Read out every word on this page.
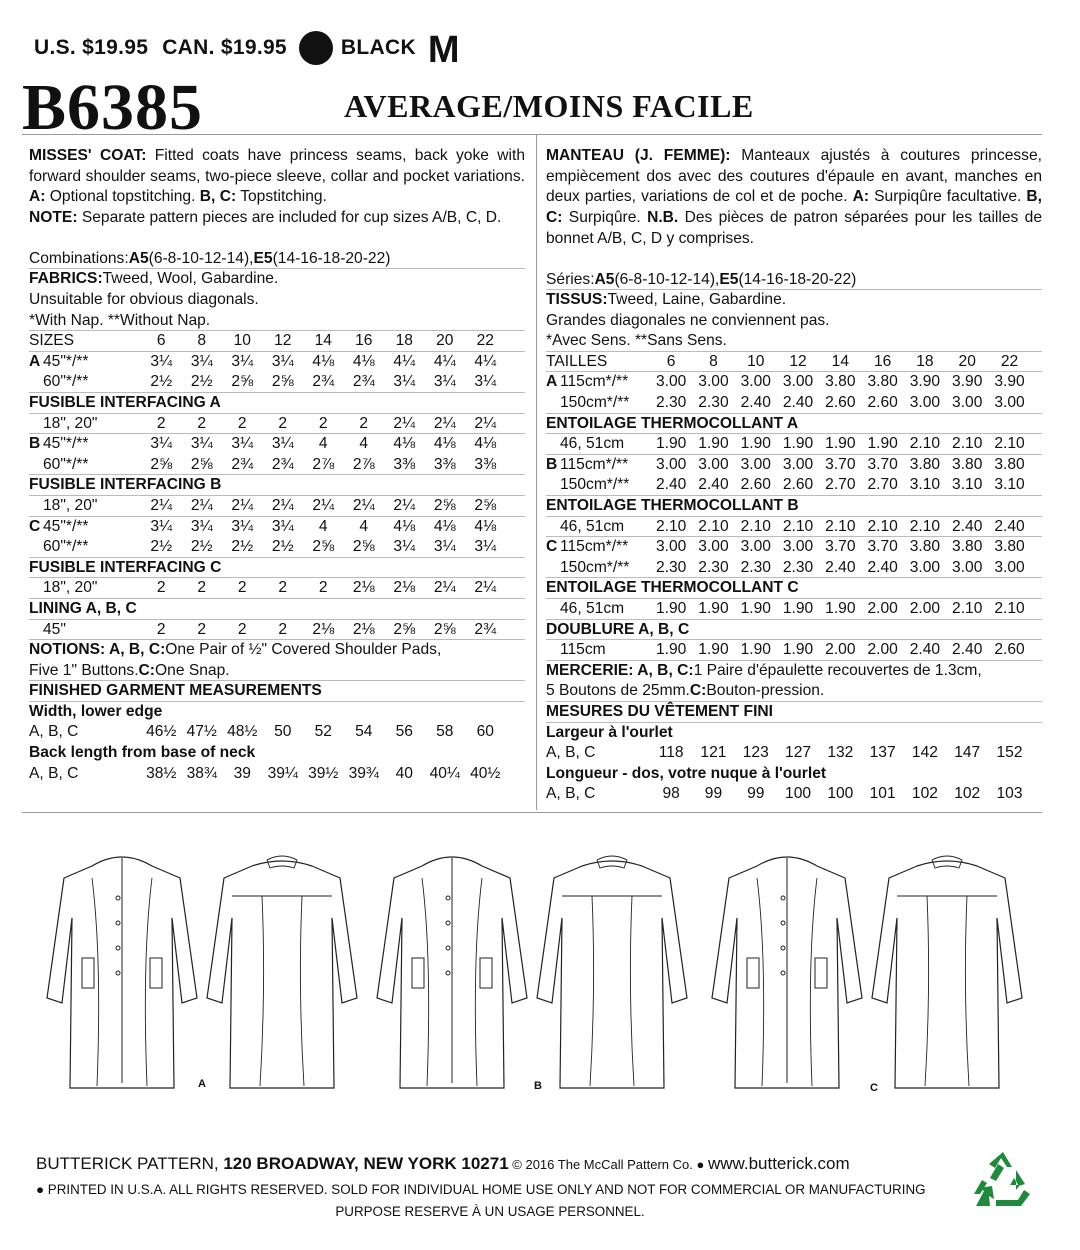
U.S. $19.95 CAN. $19.95	BLACK M
B6385	AVERAGE/MOINS FACILE
MISSES' COAT: Fitted coats have princess seams, back yoke with forward shoulder seams, two-piece sleeve, collar and pocket variations. A: Optional topstitching. B, C: Topstitching.
NOTE: Separate pattern pieces are included for cup sizes A/B, C, D.
Combinations: A5 (6-8-10-12-14), E5 (14-16-18-20-22)
FABRICS: Tweed, Wool, Gabardine.
Unsuitable for obvious diagonals.
*With Nap. **Without Nap.
SIZES	6	8	10	12	14	16	18	20	22
A 45"*/**	3¼	3¼	3¼	3¼	4⅛	4⅛	4¼	4¼	4¼
60"*/**	2½	2½	2⅝	2⅝	2¾	2¾	3¼	3¼	3¼
FUSIBLE INTERFACING A
18", 20"	2	2	2	2	2	2	2¼	2¼	2¼
B 45"*/**	3¼	3¼	3¼	3¼	4	4	4⅛	4⅛	4⅛
60"*/**	2⅝	2⅝	2¾	2¾	2⅞	2⅞	3⅜	3⅜	3⅜
FUSIBLE INTERFACING B
18", 20"	2¼	2¼	2¼	2¼	2¼	2¼	2¼	2⅝	2⅝
C 45"*/**	3¼	3¼	3¼	3¼	4	4	4⅛	4⅛	4⅛
60"*/**	2½	2½	2½	2½	2⅝	2⅝	3¼	3¼	3¼
FUSIBLE INTERFACING C
18", 20"	2	2	2	2	2	2⅛	2⅛	2¼	2¼
LINING A, B, C
45"	2	2	2	2	2⅛	2⅛	2⅝	2⅝	2¾
NOTIONS: A, B, C: One Pair of ½" Covered Shoulder Pads,
Five 1" Buttons. C: One Snap.
FINISHED GARMENT MEASUREMENTS
Width, lower edge
A, B, C	46½ 47½ 48½	50	52	54	56	58	60
Back length from base of neck
A, B, C	38½ 38¾	39	39¼ 39½ 39¾	40	40¼ 40½
MANTEAU (J. FEMME): Manteaux ajustés à coutures princesse, empiècement dos avec des coutures d'épaule en avant, manches en deux parties, variations de col et de poche. A: Surpiqûre facultative. B, C: Surpiqûre. N.B. Des pièces de patron séparées pour les tailles de bonnet A/B, C, D y comprises.
Séries: A5 (6-8-10-12-14), E5 (14-16-18-20-22)
TISSUS: Tweed, Laine, Gabardine.
Grandes diagonales ne conviennent pas.
*Avec Sens. **Sans Sens.
TAILLES	6	8	10	12	14	16	18	20	22
A 115cm*/**	3.00 3.00 3.00 3.00 3.80 3.80 3.90 3.90 3.90
150cm*/**	2.30 2.30 2.40 2.40 2.60 2.60 3.00 3.00 3.00
ENTOILAGE THERMOCOLLANT A
46, 51cm	1.90 1.90 1.90 1.90 1.90 1.90 2.10 2.10 2.10
B 115cm*/**	3.00 3.00 3.00 3.00 3.70 3.70 3.80 3.80 3.80
150cm*/**	2.40 2.40 2.60 2.60 2.70 2.70 3.10 3.10 3.10
ENTOILAGE THERMOCOLLANT B
46, 51cm	2.10 2.10 2.10 2.10 2.10 2.10 2.10 2.40 2.40
C 115cm*/**	3.00 3.00 3.00 3.00 3.70 3.70 3.80 3.80 3.80
150cm*/**	2.30 2.30 2.30 2.30 2.40 2.40 3.00 3.00 3.00
ENTOILAGE THERMOCOLLANT C
46, 51cm	1.90 1.90 1.90 1.90 1.90 2.00 2.00 2.10 2.10
DOUBLURE A, B, C
115cm	1.90 1.90 1.90 1.90 2.00 2.00 2.40 2.40 2.60
MERCERIE: A, B, C: 1 Paire d'épaulette recouvertes de 1.3cm,
5 Boutons de 25mm. C: Bouton-pression.
MESURES DU VÊTEMENT FINI
Largeur à l'ourlet
A, B, C	118	121	123	127	132	137	142	147	152
Longueur - dos, votre nuque à l'ourlet
A, B, C	98	99	99	100	100	101	102	102	103
A	B	C
BUTTERICK PATTERN, 120 BROADWAY, NEW YORK 10271 © 2016 The McCall Pattern Co. ● www.butterick.com
● PRINTED IN U.S.A. ALL RIGHTS RESERVED. SOLD FOR INDIVIDUAL HOME USE ONLY AND NOT FOR COMMERCIAL OR MANUFACTURING
PURPOSE RESERVE À UN USAGE PERSONNEL.
